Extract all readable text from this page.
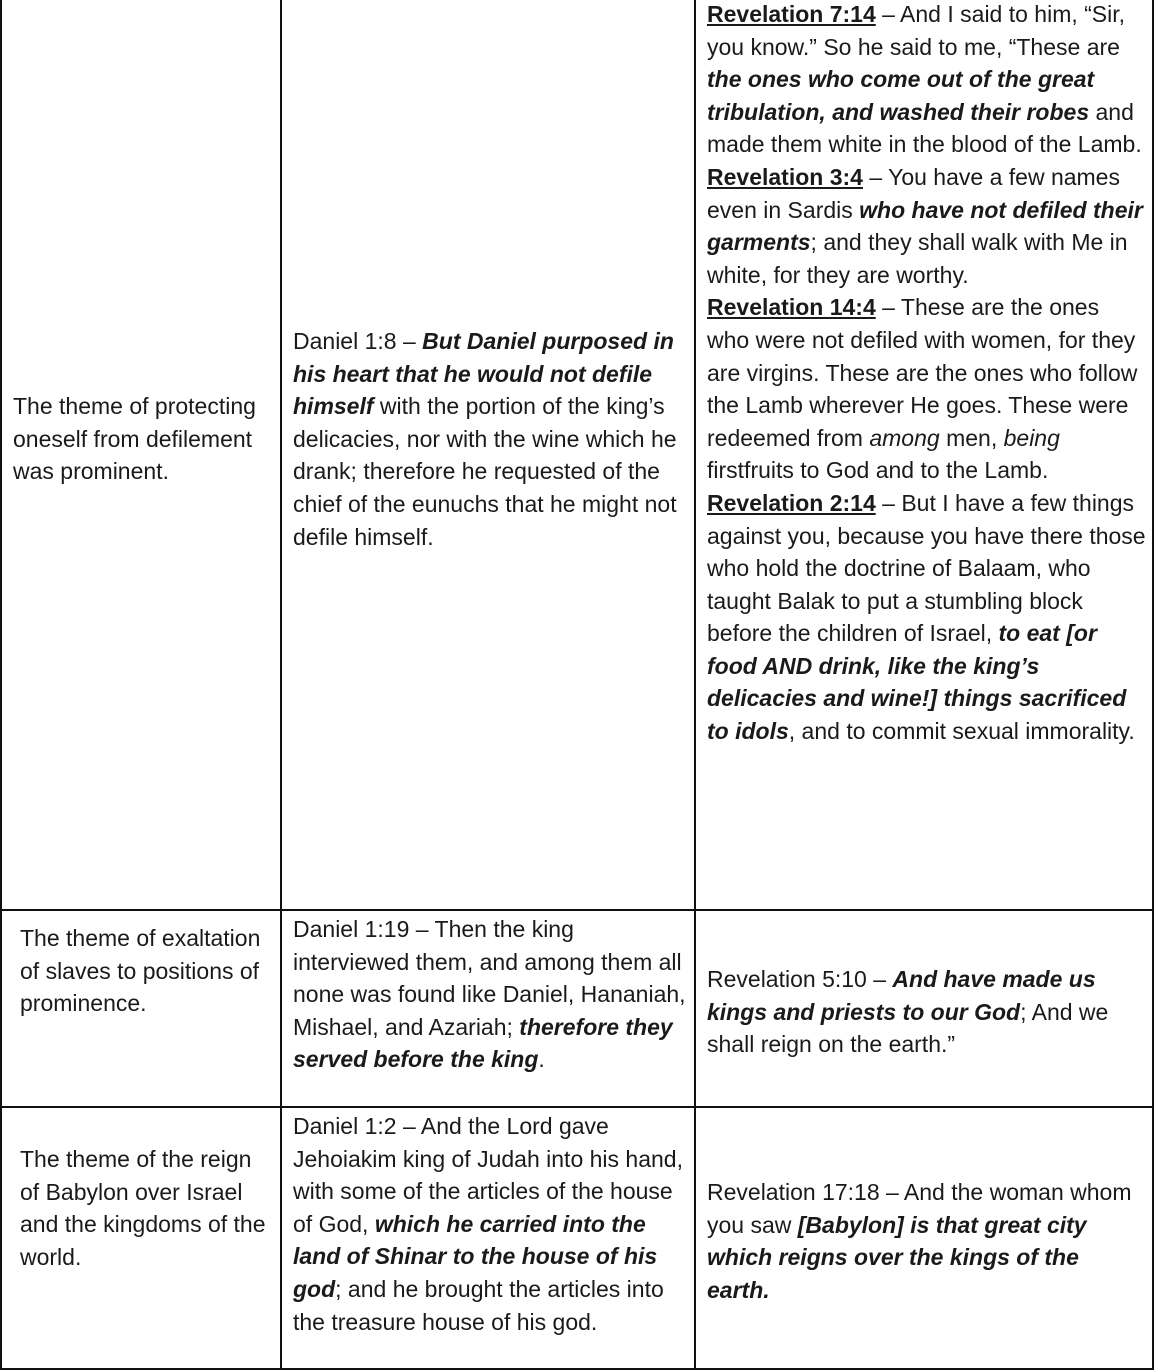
The theme of protecting oneself from defilement was prominent.

Daniel 1:8 – But Daniel purposed in his heart that he would not defile himself with the portion of the king’s delicacies, nor with the wine which he drank; therefore he requested of the chief of the eunuchs that he might not defile himself.

Revelation 7:14 – And I said to him, “Sir, you know.” So he said to me, “These are the ones who come out of the great tribulation, and washed their robes and made them white in the blood of the Lamb.

Revelation 3:4 – You have a few names even in Sardis who have not defiled their garments; and they shall walk with Me in white, for they are worthy.

Revelation 14:4 – These are the ones who were not defiled with women, for they are virgins. These are the ones who follow the Lamb wherever He goes. These were redeemed from among men, being firstfruits to God and to the Lamb.

Revelation 2:14 – But I have a few things against you, because you have there those who hold the doctrine of Balaam, who taught Balak to put a stumbling block before the children of Israel, to eat [or food AND drink, like the king’s delicacies and wine!] things sacrificed to idols, and to commit sexual immorality.

The theme of exaltation of slaves to positions of prominence.

Daniel 1:19 – Then the king interviewed them, and among them all none was found like Daniel, Hananiah, Mishael, and Azariah; therefore they served before the king.

Revelation 5:10 – And have made us kings and priests to our God; And we shall reign on the earth.”

The theme of the reign of Babylon over Israel and the kingdoms of the world.

Daniel 1:2 – And the Lord gave Jehoiakim king of Judah into his hand, with some of the articles of the house of God, which he carried into the land of Shinar to the house of his god; and he brought the articles into the treasure house of his god.

Revelation 17:18 – And the woman whom you saw [Babylon] is that great city which reigns over the kings of the earth.
